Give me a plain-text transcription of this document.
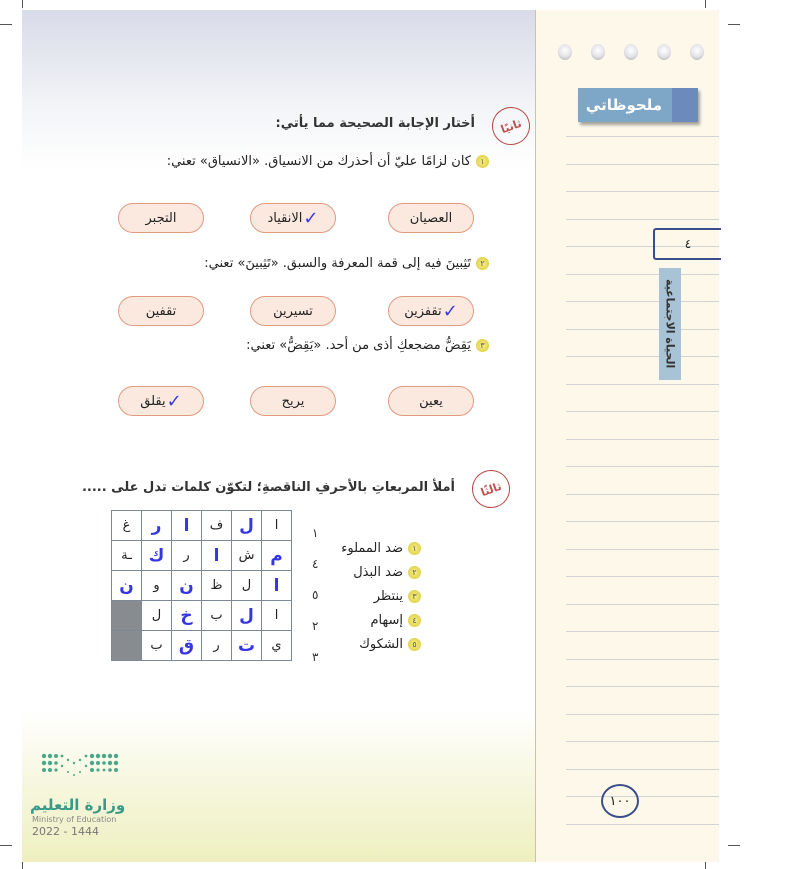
ثانيًا
أختار الإجابة الصحيحة مما يأتي:
١
كان لزامًا عليّ أن أحذرك من الانسياق. «الانسياق» تعني:
العصيان
الانقياد ✓
التجبر
٢
تَثِبينَ فيه إلى قمة المعرفة والسبق. «تَثِبينَ» تعني:
تقفزين ✓
تسيرين
تقفين
٣
يَقِضُّ مضجعكِ أذى من أحد. «يَقِضُّ» تعني:
يعين
يريح
يقلق ✓
ثالثًا
أملأ المربعاتِ بالأحرفِ الناقصةِ؛ لتكوّن كلمات تدل على .....
غ	ر	ا	ف	ل	ا
ـة	ك	ر	ا	ش	م
ن	و	ن	ظ	ل	ا
	ل	خ	ب	ل	ا
	ب	ق	ر	ت	ي
١
٤
٥
٢
٣
١
ضد المملوء
٢
ضد البذل
٣
ينتظر
٤
إسهام
٥
الشكوك
وزارة التعليم
Ministry of Education
2022 - 1444
ملحوظاتي
٤
الحياة الاجتماعية
١٠٠
